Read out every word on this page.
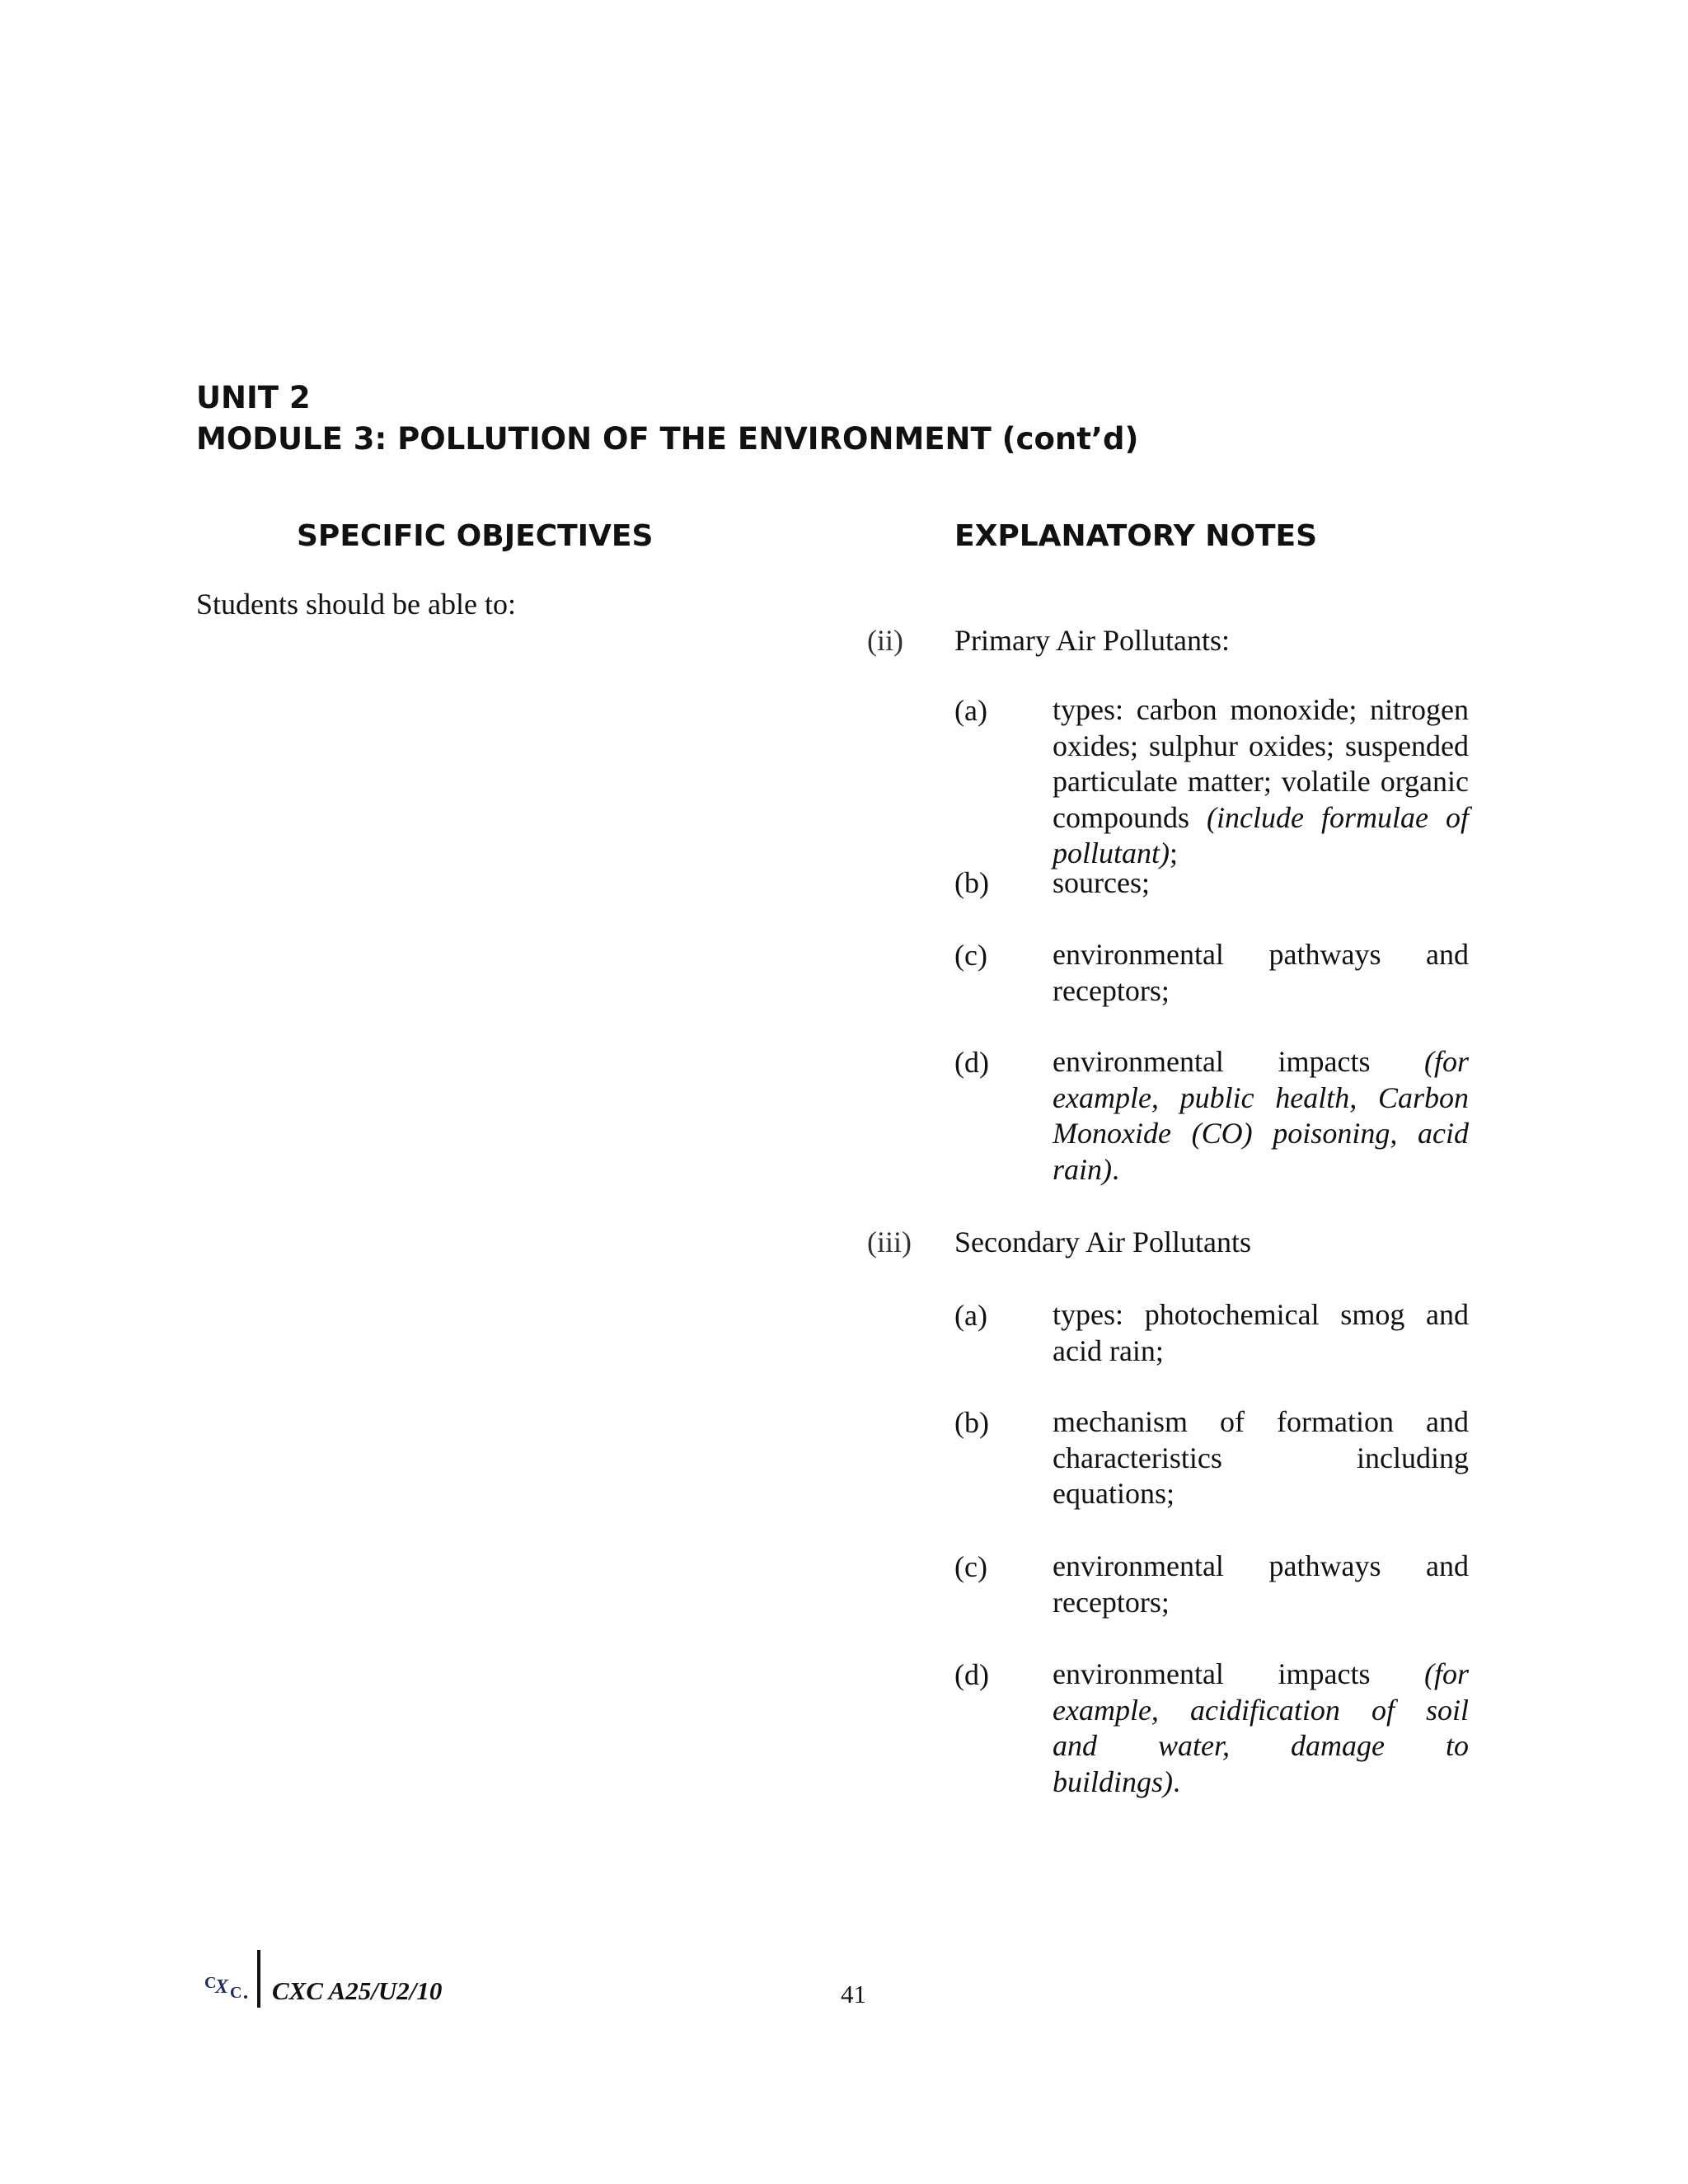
UNIT 2
MODULE 3: POLLUTION OF THE ENVIRONMENT (cont’d)
SPECIFIC OBJECTIVES	EXPLANATORY NOTES
Students should be able to:
(ii) Primary Air Pollutants:
(a) types: carbon monoxide; nitrogen
oxides; sulphur oxides; suspended
particulate matter; volatile organic
compounds (include formulae of
pollutant);
(b) sources;
(c) environmental pathways and
receptors;
(d) environmental impacts (for
example, public health, Carbon
Monoxide (CO) poisoning, acid
rain).
(iii) Secondary Air Pollutants
(a) types: photochemical smog and
acid rain;
(b) mechanism of formation and
characteristics including
equations;
(c) environmental pathways and
receptors;
(d) environmental impacts (for
example, acidification of soil
and water, damage to
buildings).
C
X C CXC A25/U2/10	41
